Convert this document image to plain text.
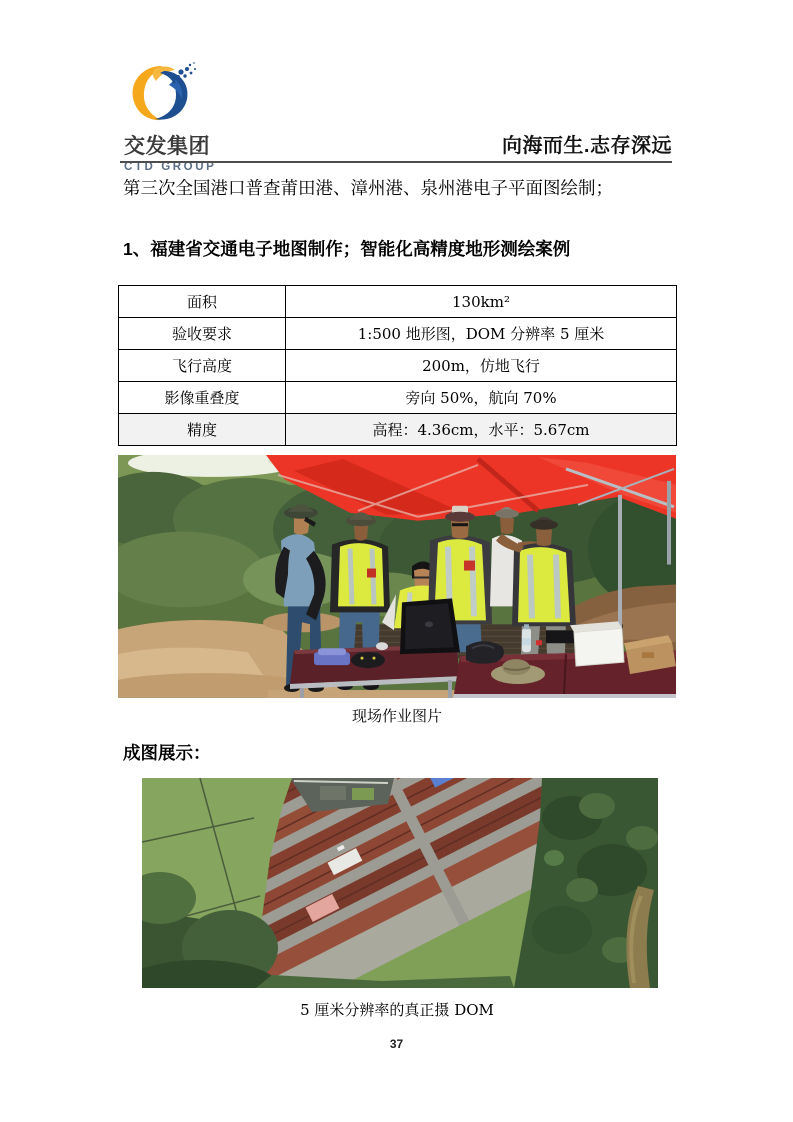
交发集团
CTD GROUP
向海而生.志存深远
第三次全国港口普查莆田港、漳州港、泉州港电子平面图绘制；
1、福建省交通电子地图制作；智能化高精度地形测绘案例
面积	130km²
验收要求	1:500 地形图，DOM 分辨率 5 厘米
飞行高度	200m，仿地飞行
影像重叠度	旁向 50%，航向 70%
精度	高程：4.36cm，水平：5.67cm
现场作业图片
成图展示：
5 厘米分辨率的真正摄 DOM
37
